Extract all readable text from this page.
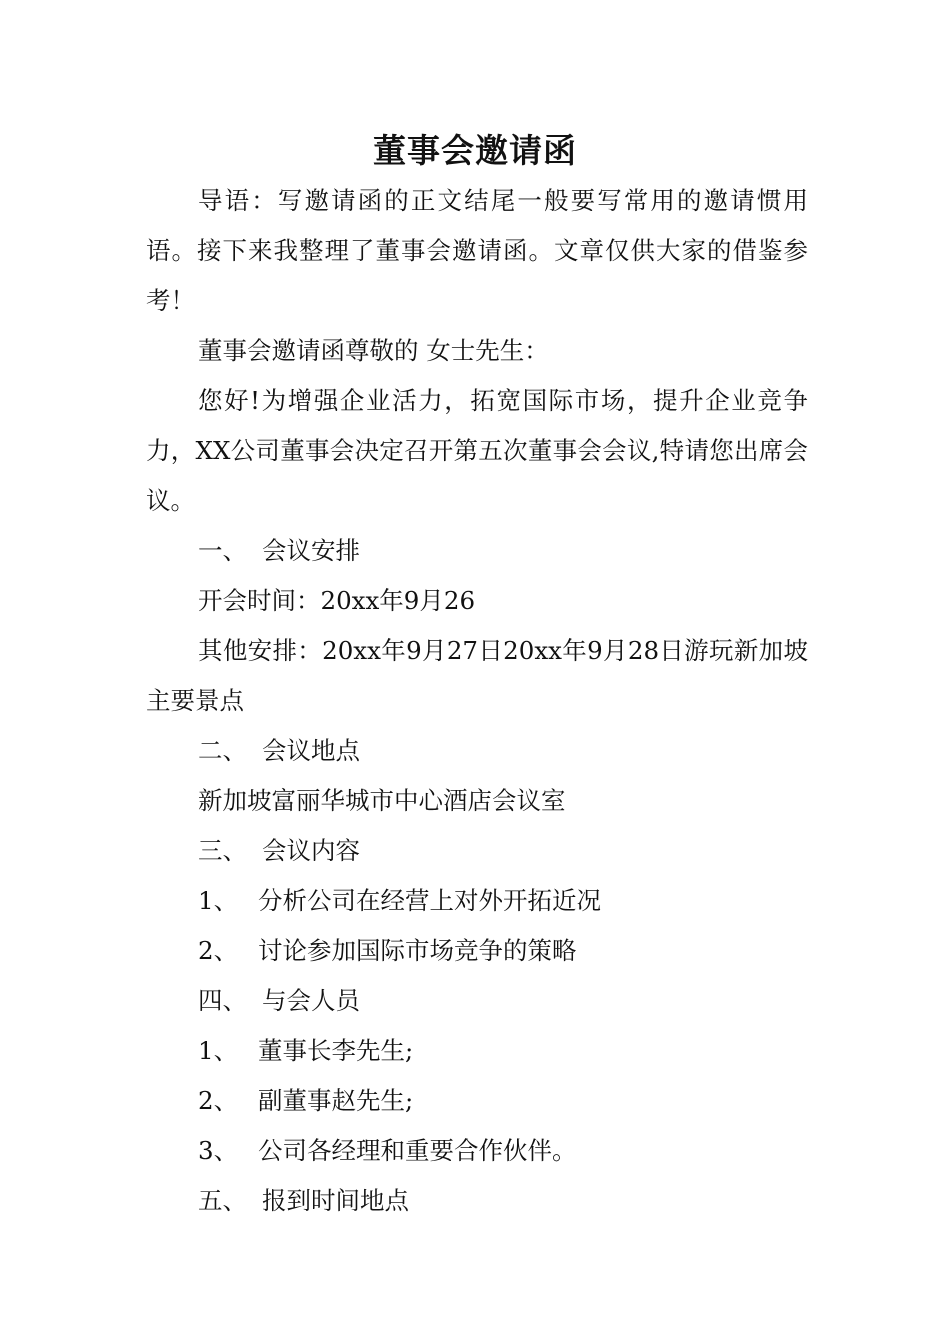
董事会邀请函

导语：写邀请函的正文结尾一般要写常用的邀请惯用语。接下来我整理了董事会邀请函。文章仅供大家的借鉴参考！

董事会邀请函尊敬的 女士先生：

您好!为增强企业活力，拓宽国际市场，提升企业竞争力，XX公司董事会决定召开第五次董事会会议,特请您出席会议。

一、 会议安排

开会时间：20xx年9月26

其他安排：20xx年9月27日20xx年9月28日游玩新加坡主要景点

二、 会议地点

新加坡富丽华城市中心酒店会议室

三、 会议内容
1、 分析公司在经营上对外开拓近况
2、 讨论参加国际市场竞争的策略
四、 与会人员
1、 董事长李先生;
2、 副董事赵先生;
3、 公司各经理和重要合作伙伴。
五、 报到时间地点
